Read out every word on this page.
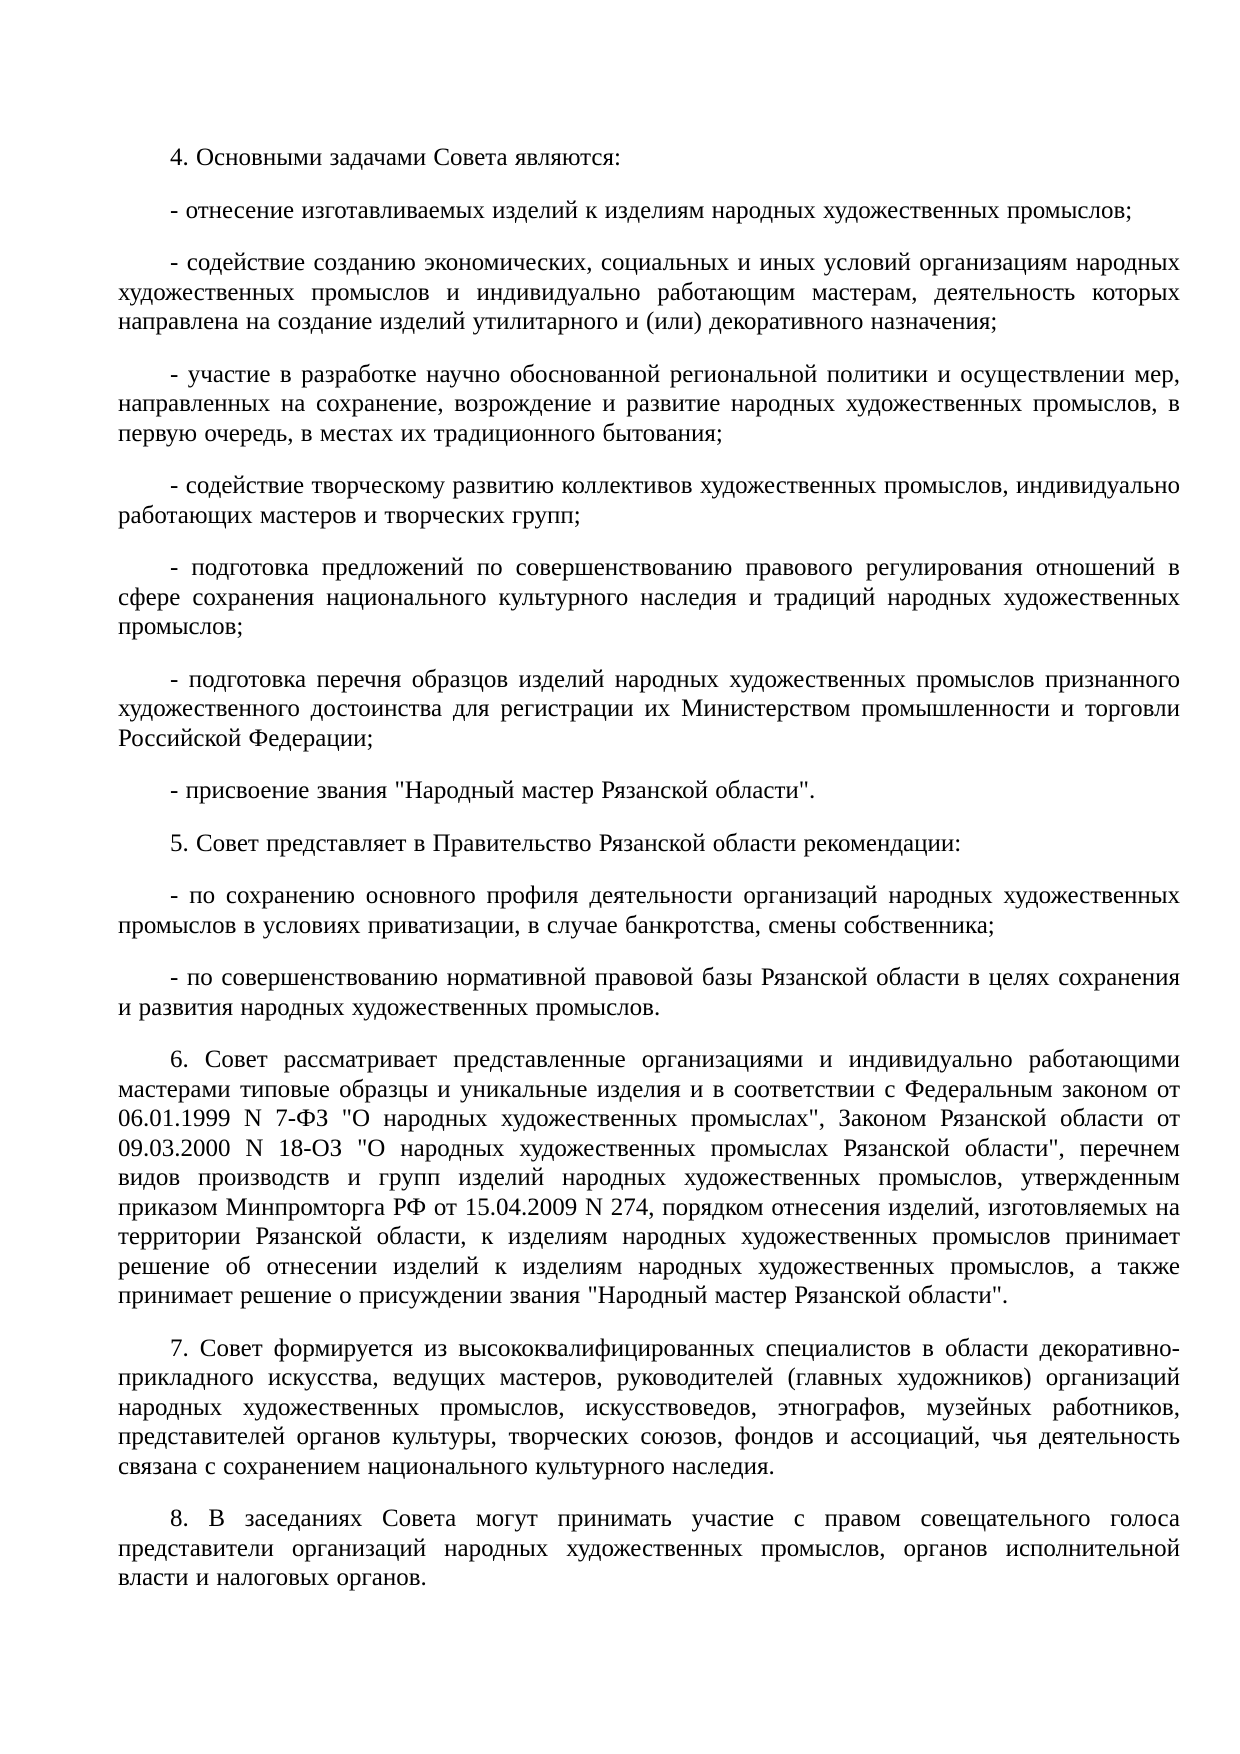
4. Основными задачами Совета являются:

- отнесение изготавливаемых изделий к изделиям народных художественных промыслов;

- содействие созданию экономических, социальных и иных условий организациям народных художественных промыслов и индивидуально работающим мастерам, деятельность которых направлена на создание изделий утилитарного и (или) декоративного назначения;

- участие в разработке научно обоснованной региональной политики и осуществлении мер, направленных на сохранение, возрождение и развитие народных художественных промыслов, в первую очередь, в местах их традиционного бытования;

- содействие творческому развитию коллективов художественных промыслов, индивидуально работающих мастеров и творческих групп;

- подготовка предложений по совершенствованию правового регулирования отношений в сфере сохранения национального культурного наследия и традиций народных художественных промыслов;

- подготовка перечня образцов изделий народных художественных промыслов признанного художественного достоинства для регистрации их Министерством промышленности и торговли Российской Федерации;

- присвоение звания "Народный мастер Рязанской области".

5. Совет представляет в Правительство Рязанской области рекомендации:

- по сохранению основного профиля деятельности организаций народных художественных промыслов в условиях приватизации, в случае банкротства, смены собственника;

- по совершенствованию нормативной правовой базы Рязанской области в целях сохранения и развития народных художественных промыслов.

6. Совет рассматривает представленные организациями и индивидуально работающими мастерами типовые образцы и уникальные изделия и в соответствии с Федеральным законом от 06.01.1999 N 7-ФЗ "О народных художественных промыслах", Законом Рязанской области от 09.03.2000 N 18-ОЗ "О народных художественных промыслах Рязанской области", перечнем видов производств и групп изделий народных художественных промыслов, утвержденным приказом Минпромторга РФ от 15.04.2009 N 274, порядком отнесения изделий, изготовляемых на территории Рязанской области, к изделиям народных художественных промыслов принимает решение об отнесении изделий к изделиям народных художественных промыслов, а также принимает решение о присуждении звания "Народный мастер Рязанской области".

7. Совет формируется из высококвалифицированных специалистов в области декоративно-прикладного искусства, ведущих мастеров, руководителей (главных художников) организаций народных художественных промыслов, искусствоведов, этнографов, музейных работников, представителей органов культуры, творческих союзов, фондов и ассоциаций, чья деятельность связана с сохранением национального культурного наследия.

8. В заседаниях Совета могут принимать участие с правом совещательного голоса представители организаций народных художественных промыслов, органов исполнительной власти и налоговых органов.
